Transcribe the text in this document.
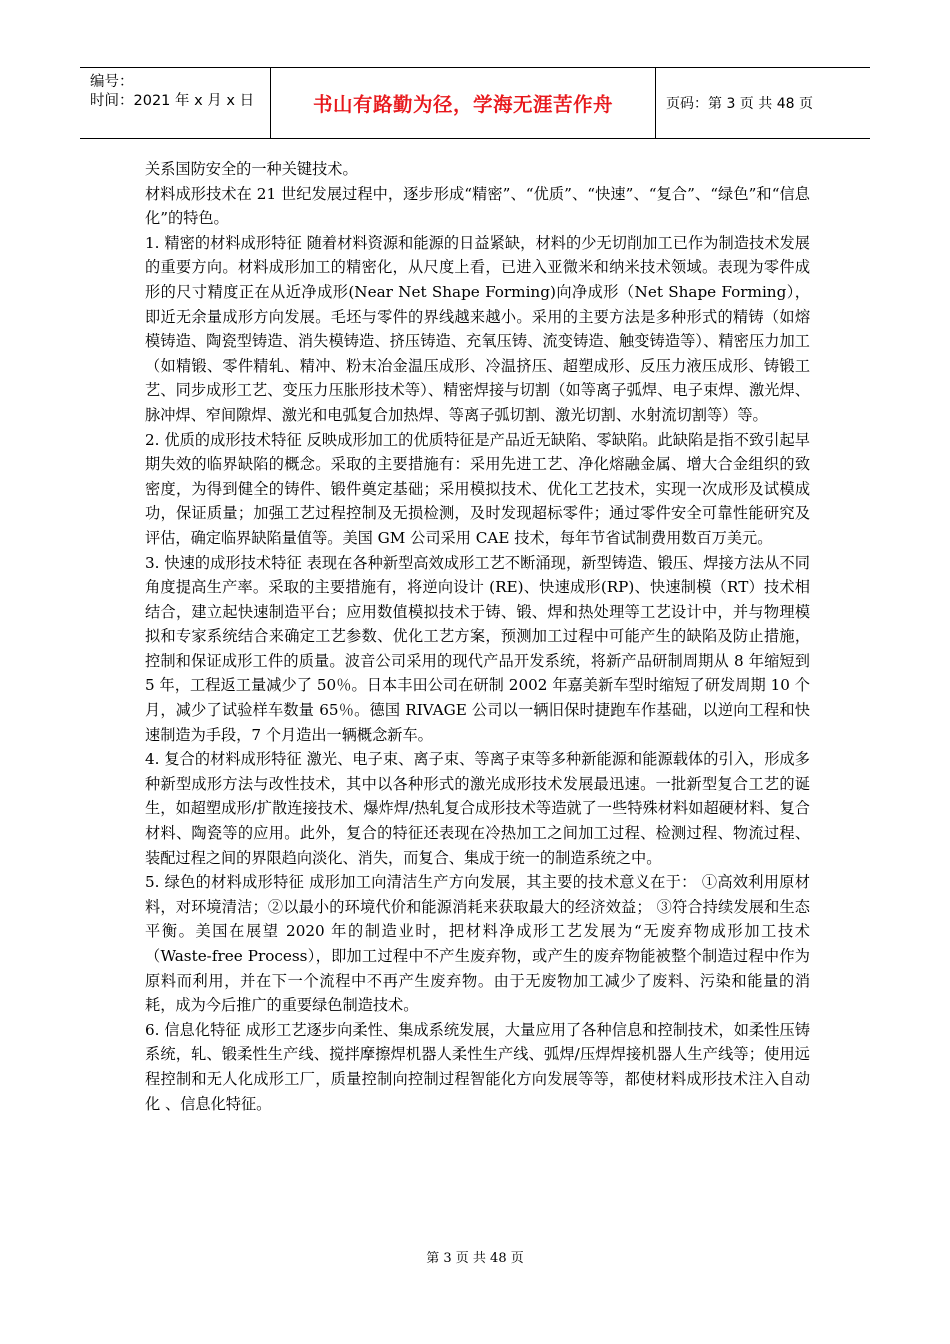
编号：
时间：2021 年 x 月 x 日	书山有路勤为径，学海无涯苦作舟	页码：第 3 页 共 48 页

关系国防安全的一种关键技术。

材料成形技术在 21 世纪发展过程中，逐步形成“精密”、“优质”、“快速”、“复合”、“绿色”和“信息化”的特色。

1. 精密的材料成形特征 随着材料资源和能源的日益紧缺，材料的少无切削加工已作为制造技术发展的重要方向。材料成形加工的精密化，从尺度上看，已进入亚微米和纳米技术领域。表现为零件成形的尺寸精度正在从近净成形(Near Net Shape Forming)向净成形（Net Shape Forming），即近无余量成形方向发展。毛坯与零件的界线越来越小。采用的主要方法是多种形式的精铸（如熔模铸造、陶瓷型铸造、消失模铸造、挤压铸造、充氧压铸、流变铸造、触变铸造等）、精密压力加工（如精锻、零件精轧、精冲、粉末冶金温压成形、冷温挤压、超塑成形、反压力液压成形、铸锻工艺、同步成形工艺、变压力压胀形技术等）、精密焊接与切割（如等离子弧焊、电子束焊、激光焊、脉冲焊、窄间隙焊、激光和电弧复合加热焊、等离子弧切割、激光切割、水射流切割等）等。

2. 优质的成形技术特征 反映成形加工的优质特征是产品近无缺陷、零缺陷。此缺陷是指不致引起早期失效的临界缺陷的概念。采取的主要措施有：采用先进工艺、净化熔融金属、增大合金组织的致密度，为得到健全的铸件、锻件奠定基础；采用模拟技术、优化工艺技术，实现一次成形及试模成功，保证质量；加强工艺过程控制及无损检测，及时发现超标零件；通过零件安全可靠性能研究及评估，确定临界缺陷量值等。美国 GM 公司采用 CAE 技术，每年节省试制费用数百万美元。

3. 快速的成形技术特征 表现在各种新型高效成形工艺不断涌现，新型铸造、锻压、焊接方法从不同角度提高生产率。采取的主要措施有，将逆向设计 (RE)、快速成形(RP)、快速制模（RT）技术相结合，建立起快速制造平台；应用数值模拟技术于铸、锻、焊和热处理等工艺设计中，并与物理模拟和专家系统结合来确定工艺参数、优化工艺方案，预测加工过程中可能产生的缺陷及防止措施，控制和保证成形工件的质量。波音公司采用的现代产品开发系统，将新产品研制周期从 8 年缩短到 5 年，工程返工量减少了 50％。日本丰田公司在研制 2002 年嘉美新车型时缩短了研发周期 10 个月，减少了试验样车数量 65％。德国 RIVAGE 公司以一辆旧保时捷跑车作基础，以逆向工程和快速制造为手段，7 个月造出一辆概念新车。

4. 复合的材料成形特征 激光、电子束、离子束、等离子束等多种新能源和能源载体的引入，形成多种新型成形方法与改性技术，其中以各种形式的激光成形技术发展最迅速。一批新型复合工艺的诞生，如超塑成形/扩散连接技术、爆炸焊/热轧复合成形技术等造就了一些特殊材料如超硬材料、复合材料、陶瓷等的应用。此外，复合的特征还表现在冷热加工之间加工过程、检测过程、物流过程、装配过程之间的界限趋向淡化、消失，而复合、集成于统一的制造系统之中。

5. 绿色的材料成形特征 成形加工向清洁生产方向发展，其主要的技术意义在于： ①高效利用原材料，对环境清洁；②以最小的环境代价和能源消耗来获取最大的经济效益； ③符合持续发展和生态平衡。美国在展望 2020 年的制造业时，把材料净成形工艺发展为“无废弃物成形加工技术（Waste-free Process），即加工过程中不产生废弃物，或产生的废弃物能被整个制造过程中作为原料而利用，并在下一个流程中不再产生废弃物。由于无废物加工减少了废料、污染和能量的消耗，成为今后推广的重要绿色制造技术。

6. 信息化特征 成形工艺逐步向柔性、集成系统发展，大量应用了各种信息和控制技术，如柔性压铸系统，轧、锻柔性生产线、搅拌摩擦焊机器人柔性生产线、弧焊/压焊焊接机器人生产线等；使用远程控制和无人化成形工厂，质量控制向控制过程智能化方向发展等等，都使材料成形技术注入自动化 、信息化特征。

第 3 页 共 48 页
